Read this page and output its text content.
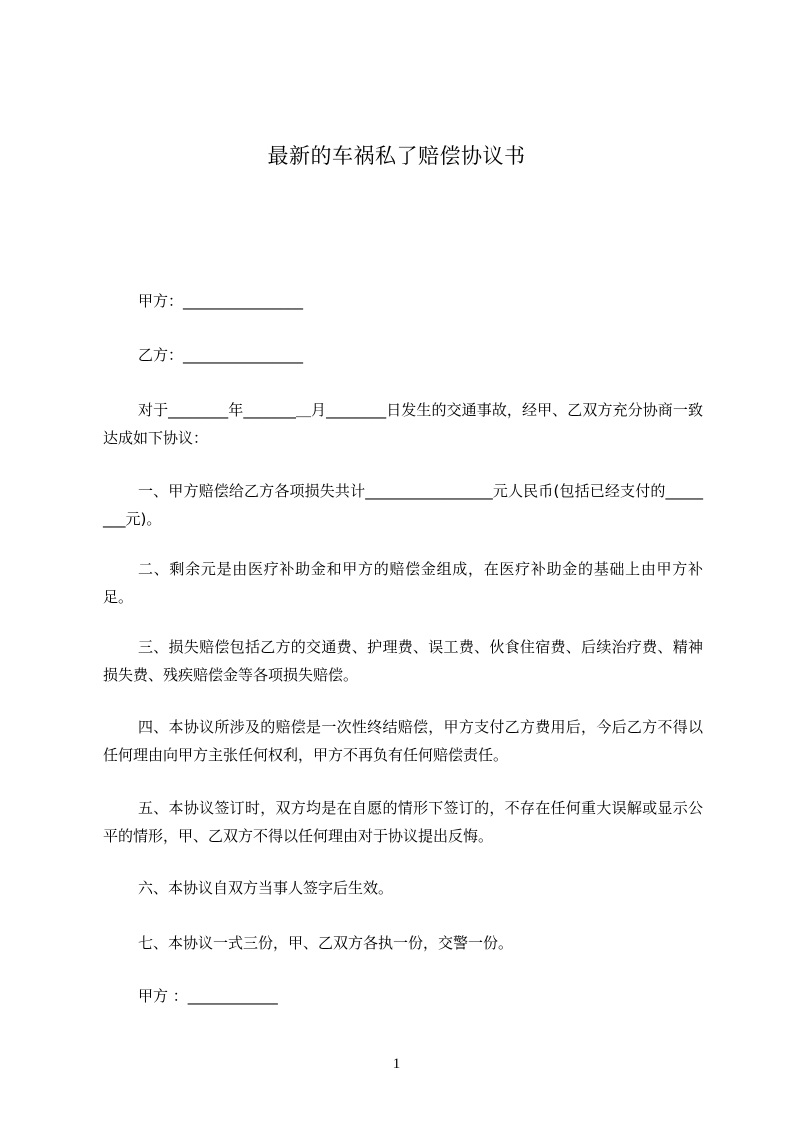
最新的车祸私了赔偿协议书
甲方：________________
乙方：________________
对于________年_______＿月________日发生的交通事故，经甲、乙双方充分协商一致达成如下协议：
一、甲方赔偿给乙方各项损失共计_________________元人民币(包括已经支付的________元)。
二、剩余元是由医疗补助金和甲方的赔偿金组成，在医疗补助金的基础上由甲方补足。
三、损失赔偿包括乙方的交通费、护理费、误工费、伙食住宿费、后续治疗费、精神损失费、残疾赔偿金等各项损失赔偿。
四、本协议所涉及的赔偿是一次性终结赔偿，甲方支付乙方费用后，今后乙方不得以任何理由向甲方主张任何权利，甲方不再负有任何赔偿责任。
五、本协议签订时，双方均是在自愿的情形下签订的，不存在任何重大误解或显示公平的情形，甲、乙双方不得以任何理由对于协议提出反悔。
六、本协议自双方当事人签字后生效。
七、本协议一式三份，甲、乙双方各执一份，交警一份。
甲方 ：____________
1
